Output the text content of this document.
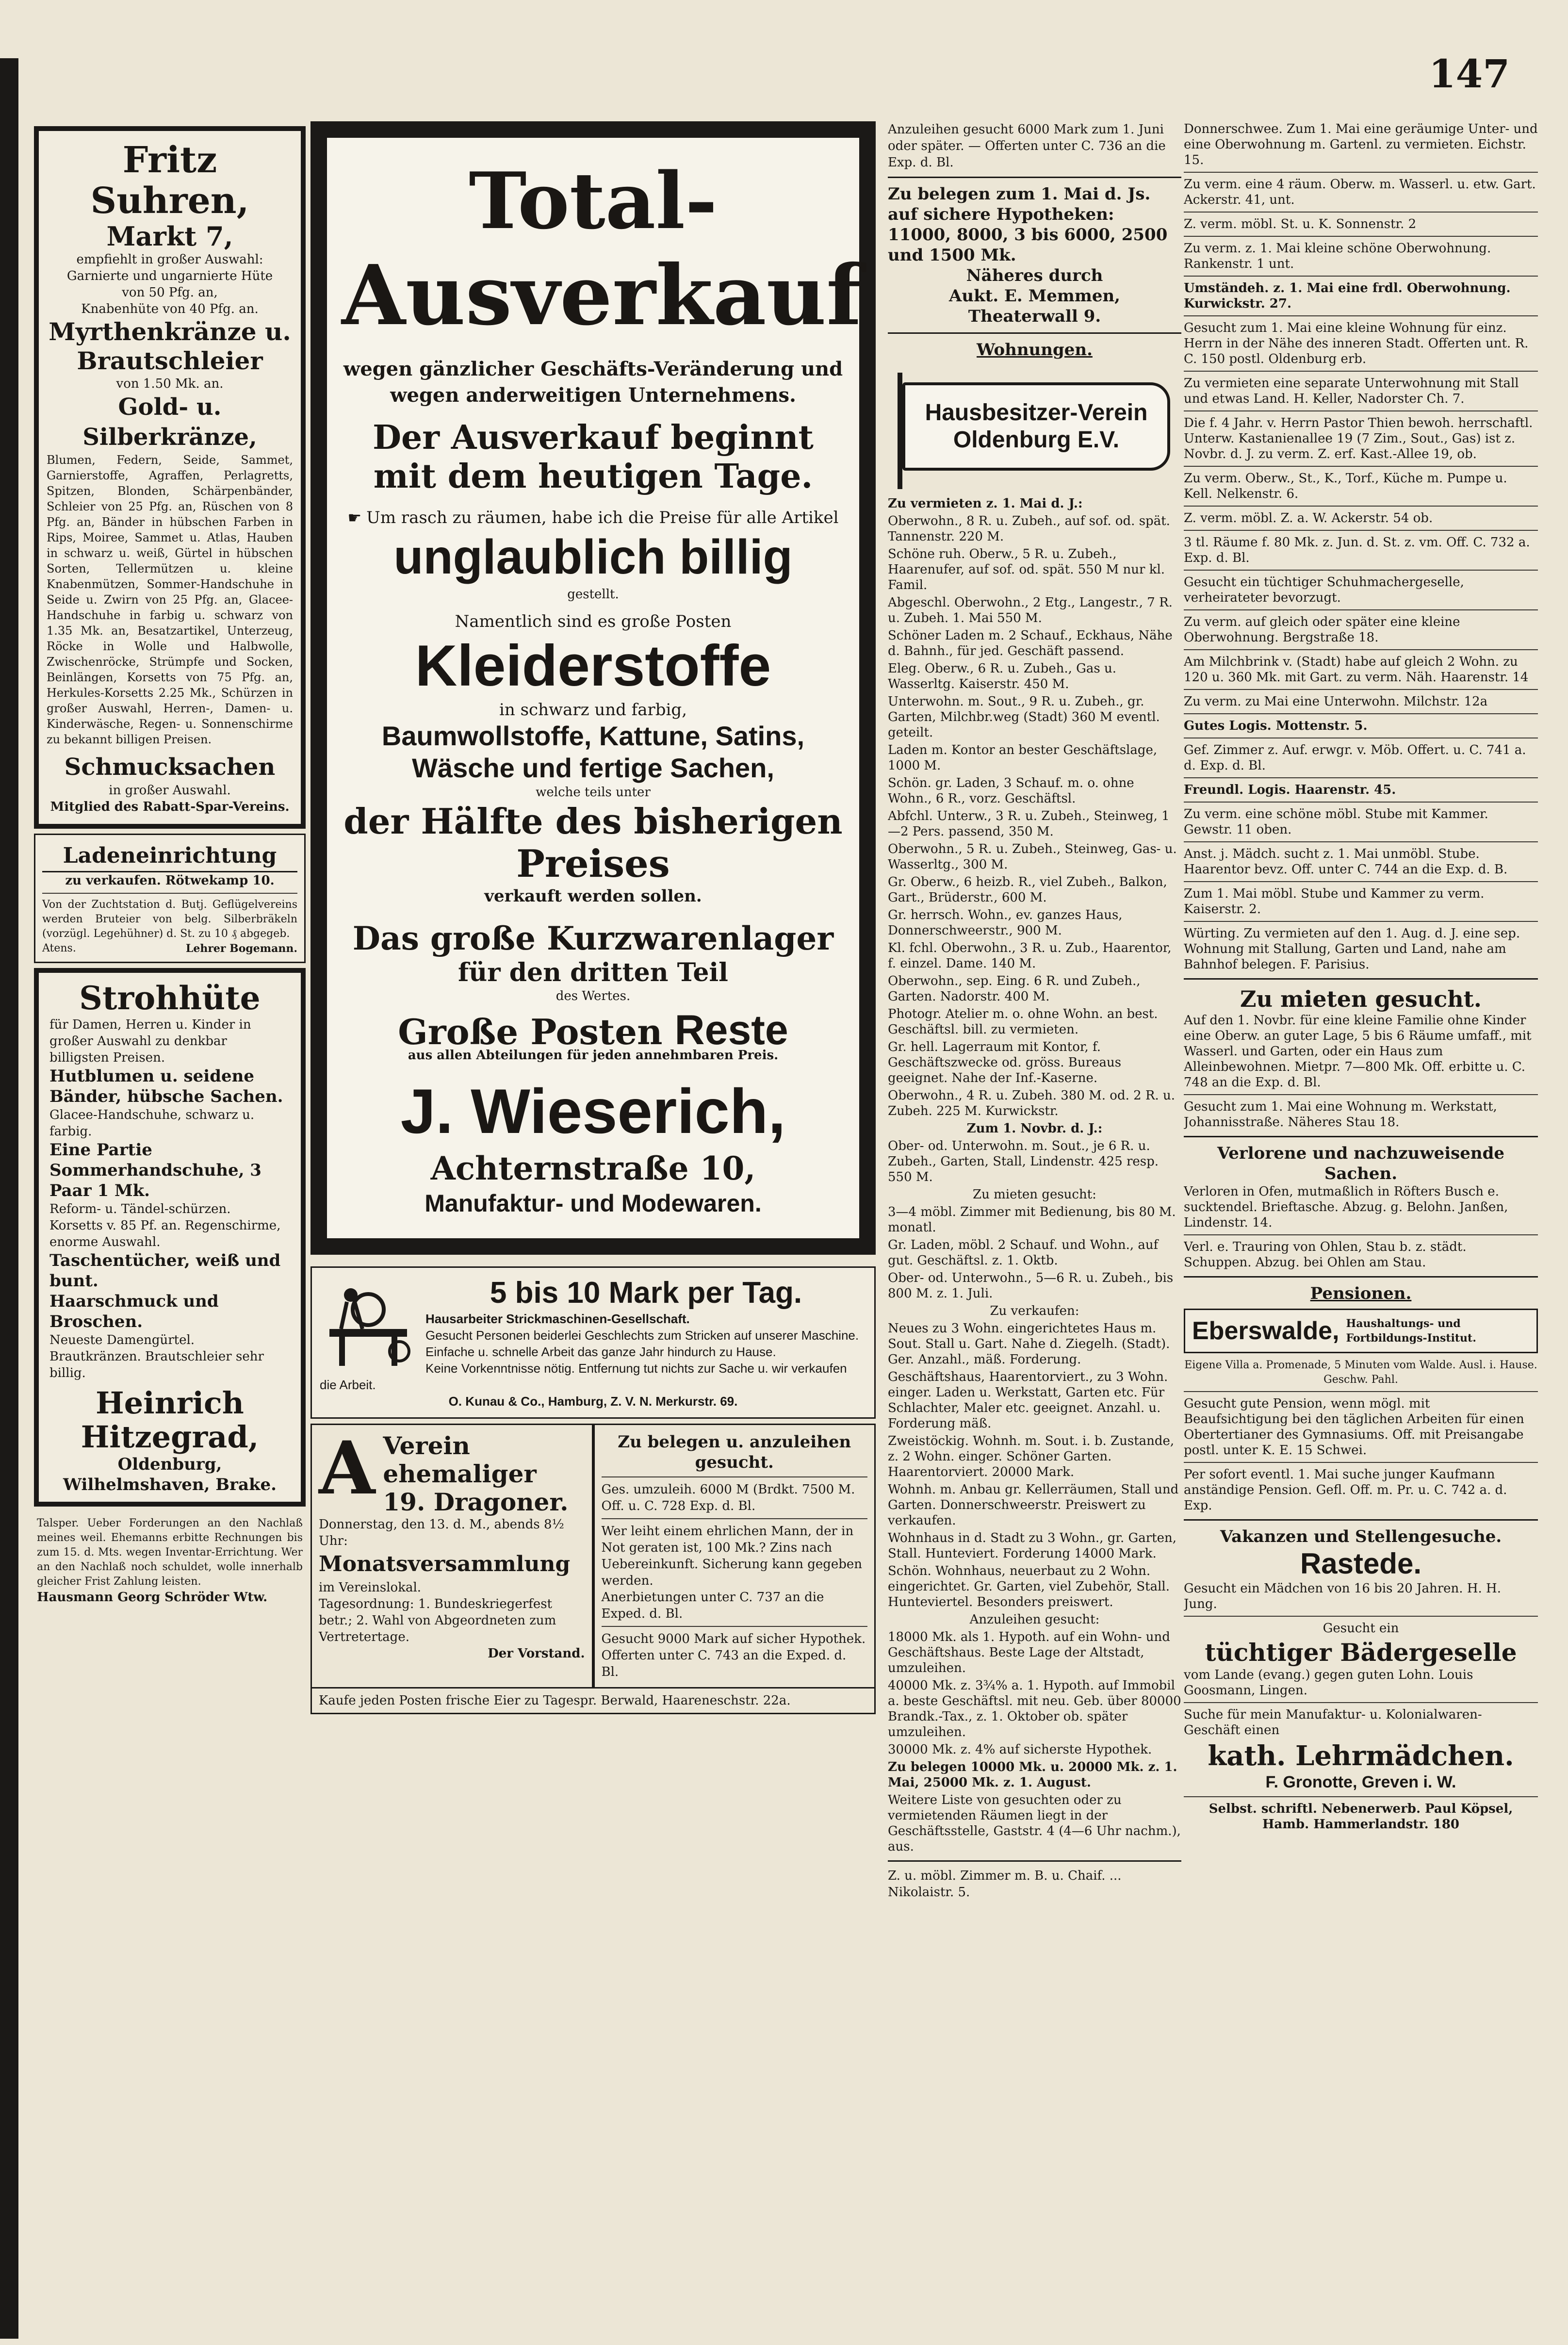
147

Fritz Suhren,

Markt 7,

empfiehlt in großer Auswahl:

Garnierte und ungarnierte Hüte

von 50 Pfg. an,

Knabenhüte von 40 Pfg. an.

Myrthenkränze u. Brautschleier

von 1.50 Mk. an.

Gold- u. Silberkränze,

Blumen, Federn, Seide, Sammet, Garnierstoffe, Agraffen, Perlagretts, Spitzen, Blonden, Schärpenbänder, Schleier von 25 Pfg. an, Rüschen von 8 Pfg. an, Bänder in hübschen Farben in Rips, Moiree, Sammet u. Atlas, Hauben in schwarz u. weiß, Gürtel in hübschen Sorten, Tellermützen u. kleine Knabenmützen, Sommer-Handschuhe in Seide u. Zwirn von 25 Pfg. an, Glacee-Handschuhe in farbig u. schwarz von 1.35 Mk. an, Besatzartikel, Unterzeug, Röcke in Wolle und Halbwolle, Zwischenröcke, Strümpfe und Socken, Beinlängen, Korsetts von 75 Pfg. an, Herkules-Korsetts 2.25 Mk., Schürzen in großer Auswahl, Herren-, Damen- u. Kinderwäsche, Regen- u. Sonnenschirme zu bekannt billigen Preisen.

Schmucksachen

in großer Auswahl.

Mitglied des Rabatt-Spar-Vereins.

Ladeneinrichtung

zu verkaufen. Rötwekamp 10.

Von der Zuchtstation d. Butj. Geflügelvereins werden Bruteier von belg. Silberbräkeln (vorzügl. Legehühner) d. St. zu 10 ₰ abgegeb.

Atens.	Lehrer Bogemann.

Strohhüte

für Damen, Herren u. Kinder in großer Auswahl zu denkbar billigsten Preisen.

Hutblumen u. seidene Bänder, hübsche Sachen.

Glacee-Handschuhe, schwarz u. farbig.

Eine Partie Sommerhandschuhe, 3 Paar 1 Mk.

Reform- u. Tändel-schürzen.

Korsetts v. 85 Pf. an. Regenschirme, enorme Auswahl.

Taschentücher, weiß und bunt.

Haarschmuck und Broschen.

Neueste Damengürtel. Brautkränzen. Brautschleier sehr billig.

Heinrich

Hitzegrad,

Oldenburg, Wilhelmshaven, Brake.

Talsper. Ueber Forderungen an den Nachlaß meines weil. Ehemanns erbitte Rechnungen bis zum 15. d. Mts. wegen Inventar-Errichtung. Wer an den Nachlaß noch schuldet, wolle innerhalb gleicher Frist Zahlung leisten.

Hausmann Georg Schröder Wtw.

Total-

Ausverkauf

wegen gänzlicher Geschäfts-Veränderung und wegen anderweitigen Unternehmens.

Der Ausverkauf beginnt mit dem heutigen Tage.

☛ Um rasch zu räumen, habe ich die Preise für alle Artikel

unglaublich billig

gestellt.

Namentlich sind es große Posten

Kleiderstoffe

in schwarz und farbig,

Baumwollstoffe, Kattune, Satins,

Wäsche und fertige Sachen,

welche teils unter

der Hälfte des bisherigen

Preises

verkauft werden sollen.

Das große Kurzwarenlager

für den dritten Teil

des Wertes.

Große Posten Reste

aus allen Abteilungen für jeden annehmbaren Preis.

J. Wieserich,

Achternstraße 10,

Manufaktur- und Modewaren.

5 bis 10 Mark per Tag.

Hausarbeiter Strickmaschinen-Gesellschaft.

Gesucht Personen beiderlei Geschlechts zum Stricken auf unserer Maschine. Einfache u. schnelle Arbeit das ganze Jahr hindurch zu Hause.

Keine Vorkenntnisse nötig. Entfernung tut nichts zur Sache u. wir verkaufen die Arbeit.

O. Kunau & Co., Hamburg, Z. V. N. Merkurstr. 69.

A Verein ehemaliger

19. Dragoner.

Donnerstag, den 13. d. M., abends 8½ Uhr:

Monatsversammlung

im Vereinslokal.

Tagesordnung: 1. Bundeskriegerfest betr.; 2. Wahl von Abgeordneten zum Vertretertage.

Der Vorstand.

Zu belegen u. anzuleihen gesucht.

Ges. umzuleih. 6000 M (Brdkt. 7500 M. Off. u. C. 728 Exp. d. Bl.

Wer leiht einem ehrlichen Mann, der in Not geraten ist, 100 Mk.? Zins nach Uebereinkunft. Sicherung kann gegeben werden.

Anerbietungen unter C. 737 an die Exped. d. Bl.

Gesucht 9000 Mark auf sicher Hypothek. Offerten unter C. 743 an die Exped. d. Bl.

Kaufe jeden Posten frische Eier zu Tagespr. Berwald, Haareneschstr. 22a.

Anzuleihen gesucht 6000 Mark zum 1. Juni oder später. — Offerten unter C. 736 an die Exp. d. Bl.

Zu belegen zum 1. Mai d. Js. auf sichere Hypotheken: 11000, 8000, 3 bis 6000, 2500 und 1500 Mk.

Näheres durch

Aukt. E. Memmen,

Theaterwall 9.

Wohnungen.

Hausbesitzer-Verein
Oldenburg E.V.

Zu vermieten z. 1. Mai d. J.:

Oberwohn., 8 R. u. Zubeh., auf sof. od. spät. Tannenstr. 220 M.

Schöne ruh. Oberw., 5 R. u. Zubeh., Haarenufer, auf sof. od. spät. 550 M nur kl. Famil.

Abgeschl. Oberwohn., 2 Etg., Langestr., 7 R. u. Zubeh. 1. Mai 550 M.

Schöner Laden m. 2 Schauf., Eckhaus, Nähe d. Bahnh., für jed. Geschäft passend.

Eleg. Oberw., 6 R. u. Zubeh., Gas u. Wasserltg. Kaiserstr. 450 M.

Unterwohn. m. Sout., 9 R. u. Zubeh., gr. Garten, Milchbr.weg (Stadt) 360 M eventl. geteilt.

Laden m. Kontor an bester Geschäftslage, 1000 M.

Schön. gr. Laden, 3 Schauf. m. o. ohne Wohn., 6 R., vorz. Geschäftsl.

Abfchl. Unterw., 3 R. u. Zubeh., Steinweg, 1—2 Pers. passend, 350 M.

Oberwohn., 5 R. u. Zubeh., Steinweg, Gas- u. Wasserltg., 300 M.

Gr. Oberw., 6 heizb. R., viel Zubeh., Balkon, Gart., Brüderstr., 600 M.

Gr. herrsch. Wohn., ev. ganzes Haus, Donnerschweerstr., 900 M.

Kl. fchl. Oberwohn., 3 R. u. Zub., Haarentor, f. einzel. Dame. 140 M.

Oberwohn., sep. Eing. 6 R. und Zubeh., Garten. Nadorstr. 400 M.

Photogr. Atelier m. o. ohne Wohn. an best. Geschäftsl. bill. zu vermieten.

Gr. hell. Lagerraum mit Kontor, f. Geschäftszwecke od. gröss. Bureaus geeignet. Nahe der Inf.-Kaserne.

Oberwohn., 4 R. u. Zubeh. 380 M. od. 2 R. u. Zubeh. 225 M. Kurwickstr.

Zum 1. Novbr. d. J.:

Ober- od. Unterwohn. m. Sout., je 6 R. u. Zubeh., Garten, Stall, Lindenstr. 425 resp. 550 M.

Zu mieten gesucht:

3—4 möbl. Zimmer mit Bedienung, bis 80 M. monatl.

Gr. Laden, möbl. 2 Schauf. und Wohn., auf gut. Geschäftsl. z. 1. Oktb.

Ober- od. Unterwohn., 5—6 R. u. Zubeh., bis 800 M. z. 1. Juli.

Zu verkaufen:

Neues zu 3 Wohn. eingerichtetes Haus m. Sout. Stall u. Gart. Nahe d. Ziegelh. (Stadt). Ger. Anzahl., mäß. Forderung.

Geschäftshaus, Haarentorviert., zu 3 Wohn. einger. Laden u. Werkstatt, Garten etc. Für Schlachter, Maler etc. geeignet. Anzahl. u. Forderung mäß.

Zweistöckig. Wohnh. m. Sout. i. b. Zustande, z. 2 Wohn. einger. Schöner Garten. Haarentorviert. 20000 Mark.

Wohnh. m. Anbau gr. Kellerräumen, Stall und Garten. Donnerschweerstr. Preiswert zu verkaufen.

Wohnhaus in d. Stadt zu 3 Wohn., gr. Garten, Stall. Hunteviert. Forderung 14000 Mark.

Schön. Wohnhaus, neuerbaut zu 2 Wohn. eingerichtet. Gr. Garten, viel Zubehör, Stall. Hunteviertel. Besonders preiswert.

Anzuleihen gesucht:

18000 Mk. als 1. Hypoth. auf ein Wohn- und Geschäftshaus. Beste Lage der Altstadt, umzuleihen.

40000 Mk. z. 3¾% a. 1. Hypoth. auf Immobil a. beste Geschäftsl. mit neu. Geb. über 80000 Brandk.-Tax., z. 1. Oktober ob. später umzuleihen.

30000 Mk. z. 4% auf sicherste Hypothek.

Zu belegen 10000 Mk. u. 20000 Mk. z. 1. Mai, 25000 Mk. z. 1. August.

Weitere Liste von gesuchten oder zu vermietenden Räumen liegt in der Geschäftsstelle, Gaststr. 4 (4—6 Uhr nachm.), aus.

Z. u. möbl. Zimmer m. B. u. Chaif. ... Nikolaistr. 5.

Donnerschwee. Zum 1. Mai eine geräumige Unter- und eine Oberwohnung m. Gartenl. zu vermieten. Eichstr. 15.

Zu verm. eine 4 räum. Oberw. m. Wasserl. u. etw. Gart. Ackerstr. 41, unt.

Z. verm. möbl. St. u. K. Sonnenstr. 2

Zu verm. z. 1. Mai kleine schöne Oberwohnung. Rankenstr. 1 unt.

Umständeh. z. 1. Mai eine frdl. Oberwohnung. Kurwickstr. 27.

Gesucht zum 1. Mai eine kleine Wohnung für einz. Herrn in der Nähe des inneren Stadt. Offerten unt. R. C. 150 postl. Oldenburg erb.

Zu vermieten eine separate Unterwohnung mit Stall und etwas Land. H. Keller, Nadorster Ch. 7.

Die f. 4 Jahr. v. Herrn Pastor Thien bewoh. herrschaftl. Unterw. Kastanienallee 19 (7 Zim., Sout., Gas) ist z. Novbr. d. J. zu verm. Z. erf. Kast.-Allee 19, ob.

Zu verm. Oberw., St., K., Torf., Küche m. Pumpe u. Kell. Nelkenstr. 6.

Z. verm. möbl. Z. a. W. Ackerstr. 54 ob.

3 tl. Räume f. 80 Mk. z. Jun. d. St. z. vm. Off. C. 732 a. Exp. d. Bl.

Gesucht ein tüchtiger Schuhmachergeselle, verheirateter bevorzugt.

Zu verm. auf gleich oder später eine kleine Oberwohnung. Bergstraße 18.

Am Milchbrink v. (Stadt) habe auf gleich 2 Wohn. zu 120 u. 360 Mk. mit Gart. zu verm. Näh. Haarenstr. 14

Zu verm. zu Mai eine Unterwohn. Milchstr. 12a

Gutes Logis. Mottenstr. 5.

Gef. Zimmer z. Auf. erwgr. v. Möb. Offert. u. C. 741 a. d. Exp. d. Bl.

Freundl. Logis. Haarenstr. 45.

Zu verm. eine schöne möbl. Stube mit Kammer. Gewstr. 11 oben.

Anst. j. Mädch. sucht z. 1. Mai unmöbl. Stube. Haarentor bevz. Off. unter C. 744 an die Exp. d. B.

Zum 1. Mai möbl. Stube und Kammer zu verm. Kaiserstr. 2.

Würting. Zu vermieten auf den 1. Aug. d. J. eine sep. Wohnung mit Stallung, Garten und Land, nahe am Bahnhof belegen. F. Parisius.

Zu mieten gesucht.

Auf den 1. Novbr. für eine kleine Familie ohne Kinder eine Oberw. an guter Lage, 5 bis 6 Räume umfaff., mit Wasserl. und Garten, oder ein Haus zum Alleinbewohnen. Mietpr. 7—800 Mk. Off. erbitte u. C. 748 an die Exp. d. Bl.

Gesucht zum 1. Mai eine Wohnung m. Werkstatt, Johannisstraße. Näheres Stau 18.

Verlorene und nachzuweisende Sachen.

Verloren in Ofen, mutmaßlich in Röfters Busch e. sucktendel. Brieftasche. Abzug. g. Belohn. Janßen, Lindenstr. 14.

Verl. e. Trauring von Ohlen, Stau b. z. städt. Schuppen. Abzug. bei Ohlen am Stau.

Pensionen.

Eberswalde, Haushaltungs- und Fortbildungs-Institut.

Eigene Villa a. Promenade, 5 Minuten vom Walde. Ausl. i. Hause. Geschw. Pahl.

Gesucht gute Pension, wenn mögl. mit Beaufsichtigung bei den täglichen Arbeiten für einen Obertertianer des Gymnasiums. Off. mit Preisangabe postl. unter K. E. 15 Schwei.

Per sofort eventl. 1. Mai suche junger Kaufmann anständige Pension. Gefl. Off. m. Pr. u. C. 742 a. d. Exp.

Vakanzen und Stellengesuche.

Rastede.

Gesucht ein Mädchen von 16 bis 20 Jahren. H. H. Jung.

Gesucht ein

tüchtiger Bädergeselle

vom Lande (evang.) gegen guten Lohn. Louis Goosmann, Lingen.

Suche für mein Manufaktur- u. Kolonialwaren-Geschäft einen

kath. Lehrmädchen.

F. Gronotte, Greven i. W.

Selbst. schriftl. Nebenerwerb. Paul Köpsel, Hamb. Hammerlandstr. 180
